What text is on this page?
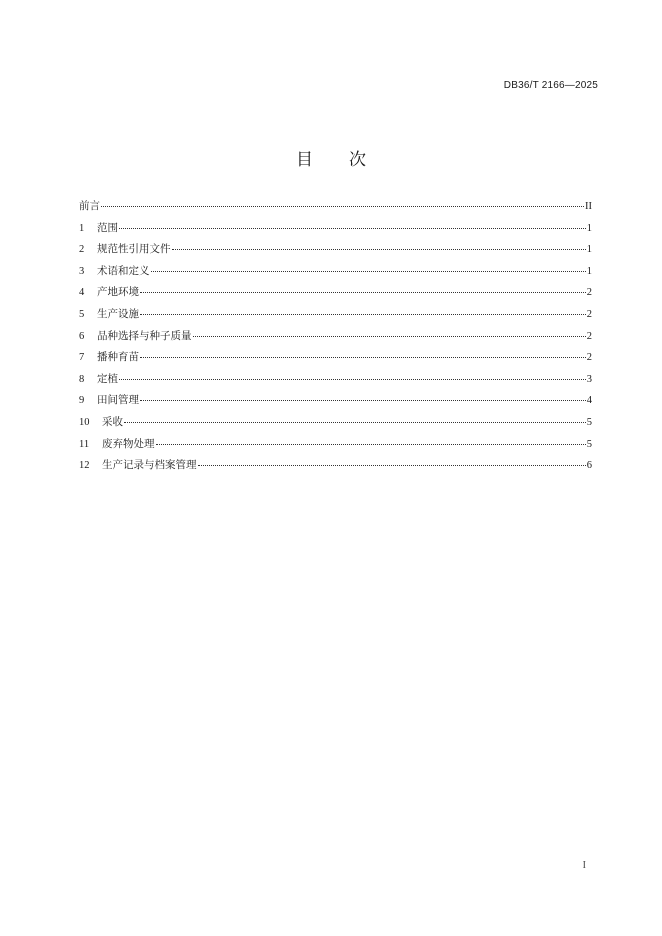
DB36/T 2166—2025
目 次
前言	II
1	范围	1
2	规范性引用文件	1
3	术语和定义	1
4	产地环境	2
5	生产设施	2
6	品种选择与种子质量	2
7	播种育苗	2
8	定植	3
9	田间管理	4
10	采收	5
11	废弃物处理	5
12	生产记录与档案管理	6
I
